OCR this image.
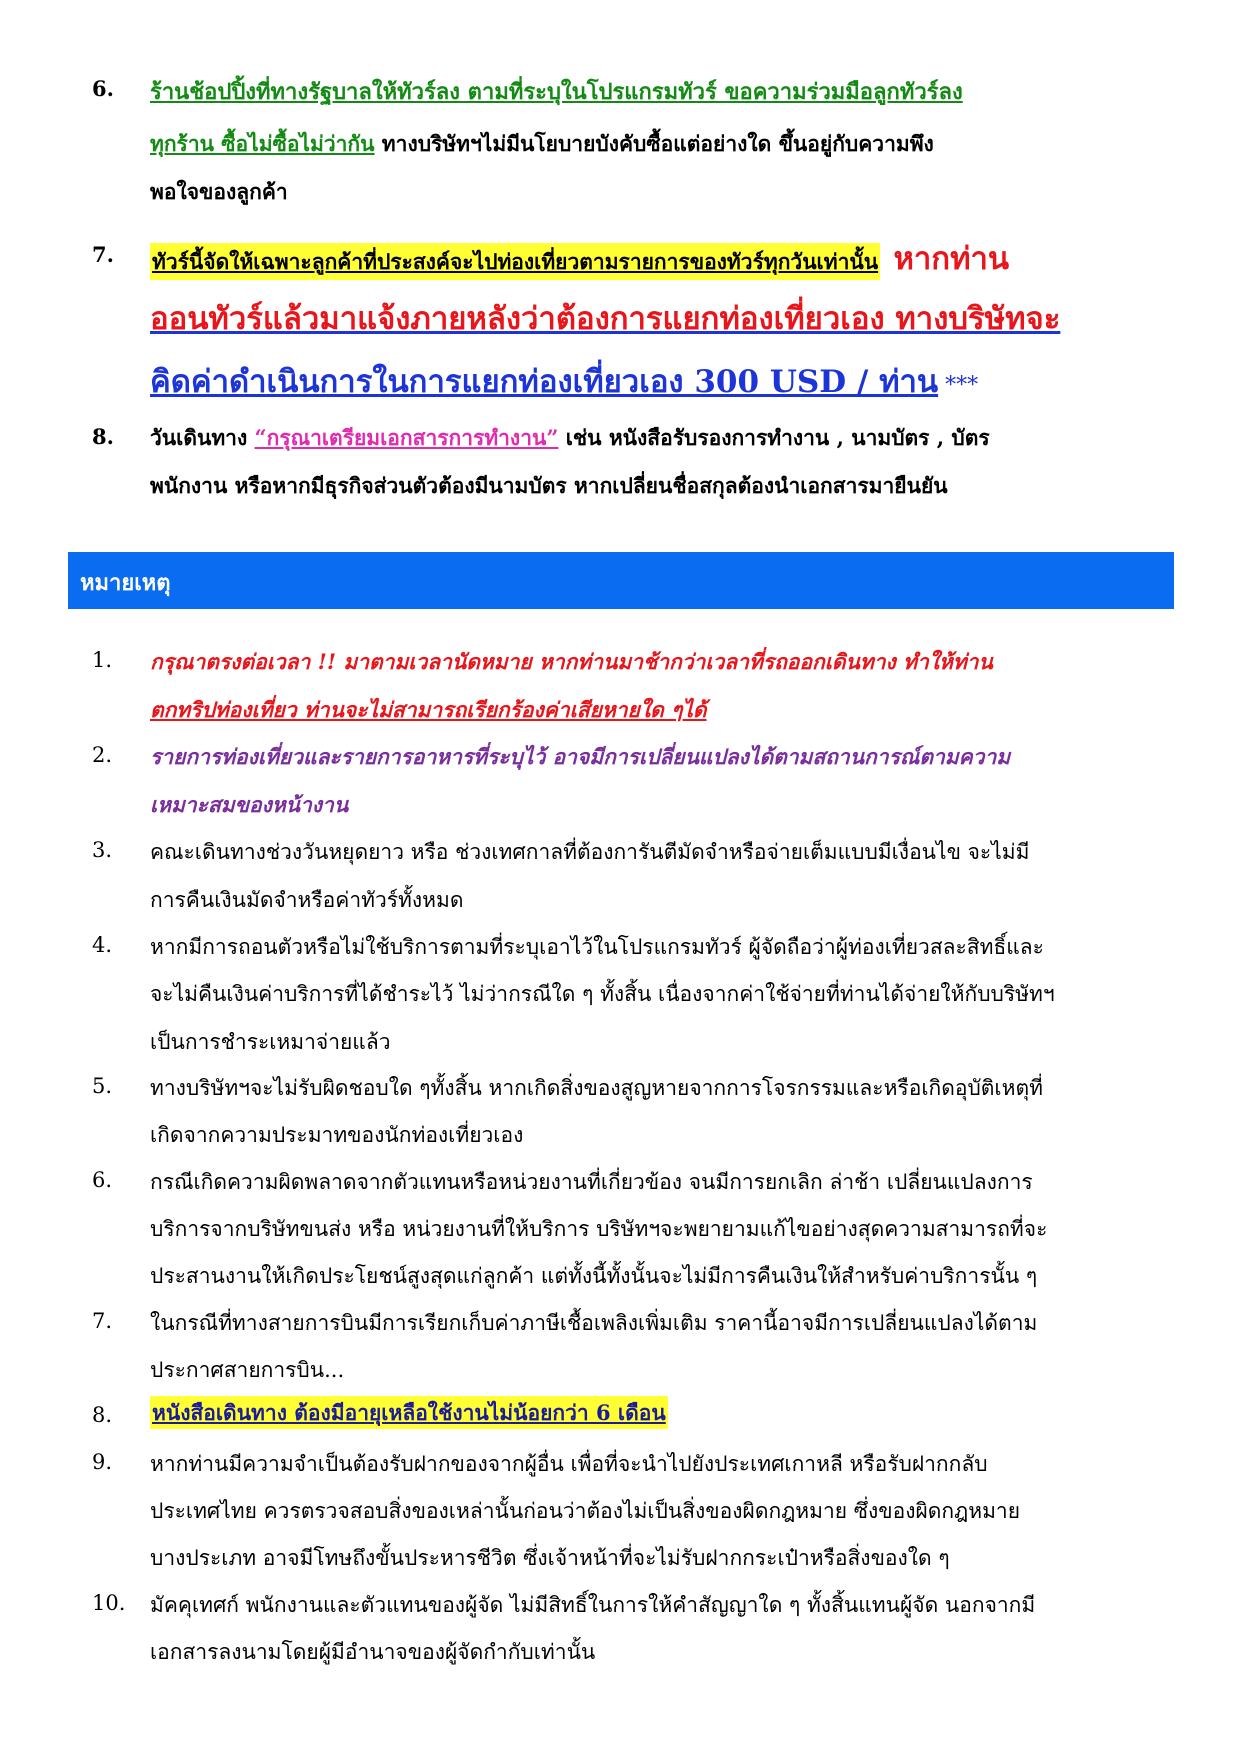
6. ร้านช้อปปิ้งที่ทางรัฐบาลให้ทัวร์ลง ตามที่ระบุในโปรแกรมทัวร์ ขอความร่วมมือลูกทัวร์ลง
ทุกร้าน ซื้อไม่ซื้อไม่ว่ากัน ทางบริษัทฯไม่มีนโยบายบังคับซื้อแต่อย่างใด ขึ้นอยู่กับความพึง
พอใจของลูกค้า
7. ทัวร์นี้จัดให้เฉพาะลูกค้าที่ประสงค์จะไปท่องเที่ยวตามรายการของทัวร์ทุกวันเท่านั้น หากท่าน
ออนทัวร์แล้วมาแจ้งภายหลังว่าต้องการแยกท่องเที่ยวเอง ทางบริษัทจะ
คิดค่าดำเนินการในการแยกท่องเที่ยวเอง 300 USD / ท่าน ***
8. วันเดินทาง “กรุณาเตรียมเอกสารการทำงาน” เช่น หนังสือรับรองการทำงาน , นามบัตร , บัตร
พนักงาน หรือหากมีธุรกิจส่วนตัวต้องมีนามบัตร หากเปลี่ยนชื่อสกุลต้องนำเอกสารมายืนยัน
หมายเหตุ
1. กรุณาตรงต่อเวลา !! มาตามเวลานัดหมาย หากท่านมาช้ากว่าเวลาที่รถออกเดินทาง ทำให้ท่าน
ตกทริปท่องเที่ยว ท่านจะไม่สามารถเรียกร้องค่าเสียหายใด ๆได้
2. รายการท่องเที่ยวและรายการอาหารที่ระบุไว้ อาจมีการเปลี่ยนแปลงได้ตามสถานการณ์ตามความ
เหมาะสมของหน้างาน
3. คณะเดินทางช่วงวันหยุดยาว หรือ ช่วงเทศกาลที่ต้องการันตีมัดจำหรือจ่ายเต็มแบบมีเงื่อนไข จะไม่มี
การคืนเงินมัดจำหรือค่าทัวร์ทั้งหมด
4. หากมีการถอนตัวหรือไม่ใช้บริการตามที่ระบุเอาไว้ในโปรแกรมทัวร์ ผู้จัดถือว่าผู้ท่องเที่ยวสละสิทธิ์และ
จะไม่คืนเงินค่าบริการที่ได้ชำระไว้ ไม่ว่ากรณีใด ๆ ทั้งสิ้น เนื่องจากค่าใช้จ่ายที่ท่านได้จ่ายให้กับบริษัทฯ
เป็นการชำระเหมาจ่ายแล้ว
5. ทางบริษัทฯจะไม่รับผิดชอบใด ๆทั้งสิ้น หากเกิดสิ่งของสูญหายจากการโจรกรรมและหรือเกิดอุบัติเหตุที่
เกิดจากความประมาทของนักท่องเที่ยวเอง
6. กรณีเกิดความผิดพลาดจากตัวแทนหรือหน่วยงานที่เกี่ยวข้อง จนมีการยกเลิก ล่าช้า เปลี่ยนแปลงการ
บริการจากบริษัทขนส่ง หรือ หน่วยงานที่ให้บริการ บริษัทฯจะพยายามแก้ไขอย่างสุดความสามารถที่จะ
ประสานงานให้เกิดประโยชน์สูงสุดแก่ลูกค้า แต่ทั้งนี้ทั้งนั้นจะไม่มีการคืนเงินให้สำหรับค่าบริการนั้น ๆ
7. ในกรณีที่ทางสายการบินมีการเรียกเก็บค่าภาษีเชื้อเพลิงเพิ่มเติม ราคานี้อาจมีการเปลี่ยนแปลงได้ตาม
ประกาศสายการบิน...
8. หนังสือเดินทาง ต้องมีอายุเหลือใช้งานไม่น้อยกว่า 6 เดือน
9. หากท่านมีความจำเป็นต้องรับฝากของจากผู้อื่น เพื่อที่จะนำไปยังประเทศเกาหลี หรือรับฝากกลับ
ประเทศไทย ควรตรวจสอบสิ่งของเหล่านั้นก่อนว่าต้องไม่เป็นสิ่งของผิดกฎหมาย ซึ่งของผิดกฎหมาย
บางประเภท อาจมีโทษถึงขั้นประหารชีวิต ซึ่งเจ้าหน้าที่จะไม่รับฝากกระเป๋าหรือสิ่งของใด ๆ
10. มัคคุเทศก์ พนักงานและตัวแทนของผู้จัด ไม่มีสิทธิ์ในการให้คำสัญญาใด ๆ ทั้งสิ้นแทนผู้จัด นอกจากมี
เอกสารลงนามโดยผู้มีอำนาจของผู้จัดกำกับเท่านั้น
